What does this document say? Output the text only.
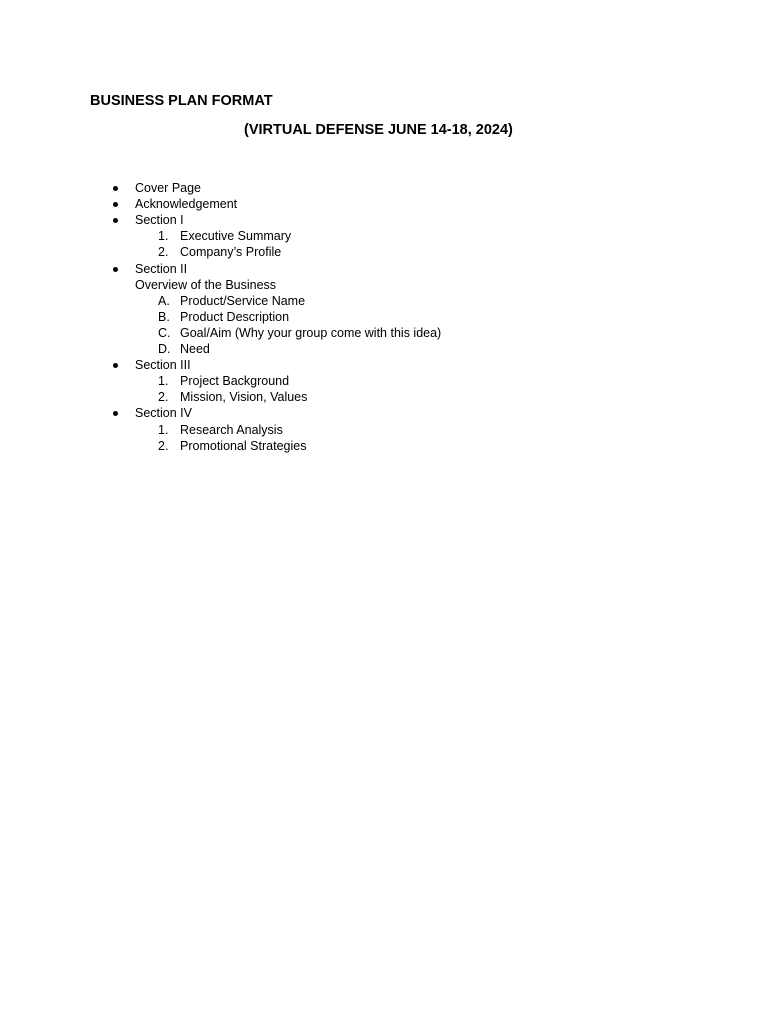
BUSINESS PLAN FORMAT

(VIRTUAL DEFENSE JUNE 14-18, 2024)

Cover Page
Acknowledgement
Section I
1. Executive Summary
2. Company’s Profile
Section II
Overview of the Business
A. Product/Service Name
B. Product Description
C. Goal/Aim (Why your group come with this idea)
D. Need
Section III
1. Project Background
2. Mission, Vision, Values
Section IV
1. Research Analysis
2. Promotional Strategies
